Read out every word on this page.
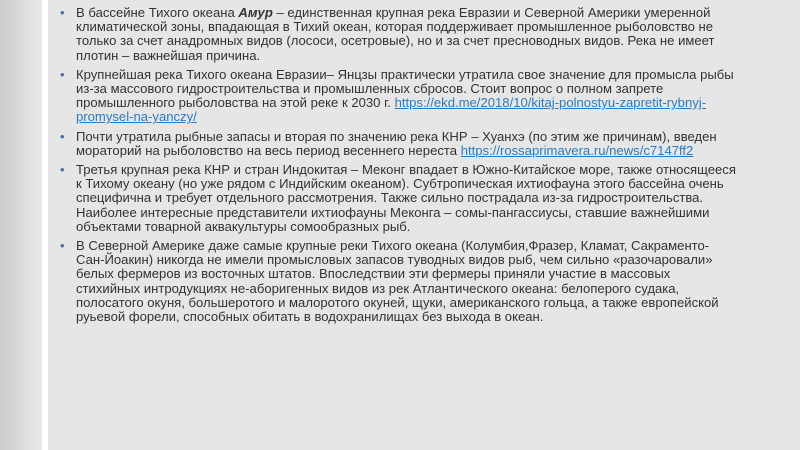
• В бассейне Тихого океана Амур – единственная крупная река Евразии и Северной Америки умеренной климатической зоны, впадающая в Тихий океан, которая поддерживает промышленное рыболовство не только за счет анадромных видов (лососи, осетровые), но и за счет пресноводных видов. Река не имеет плотин – важнейшая причина.
• Крупнейшая река Тихого океана Евразии– Янцзы практически утратила свое значение для промысла рыбы из-за массового гидростроительства и промышленных сбросов. Стоит вопрос о полном запрете промышленного рыболовства на этой реке к 2030 г. https://ekd.me/2018/10/kitaj-polnostyu-zapretit-rybnyj-promysel-na-yanczy/
• Почти утратила рыбные запасы и вторая по значению река КНР – Хуанхэ (по этим же причинам), введен мораторий на рыболовство на весь период весеннего нереста https://rossaprimavera.ru/news/c7147ff2
• Третья крупная река КНР и стран Индокитая – Меконг впадает в Южно-Китайское море, также относящееся к Тихому океану (но уже рядом с Индийским океаном). Субтропическая ихтиофауна этого бассейна очень специфична и требует отдельного рассмотрения. Также сильно пострадала из-за гидростроительства. Наиболее интересные представители ихтиофауны Меконга – сомы-пангассиусы, ставшие важнейшими объектами товарной аквакультуры сомообразных рыб.
• В Северной Америке даже самые крупные реки Тихого океана (Колумбия,Фразер, Кламат, Сакраменто-Сан-Йоакин) никогда не имели промысловых запасов туводных видов рыб, чем сильно «разочаровали» белых фермеров из восточных штатов. Впоследствии эти фермеры приняли участие в массовых стихийных интродукциях не-аборигенных видов из рек Атлантического океана: белоперого судака, полосатого окуня, большеротого и малоротого окуней, щуки, американского гольца, а также европейской руьевой форели, способных обитать в водохранилищах без выхода в океан.
